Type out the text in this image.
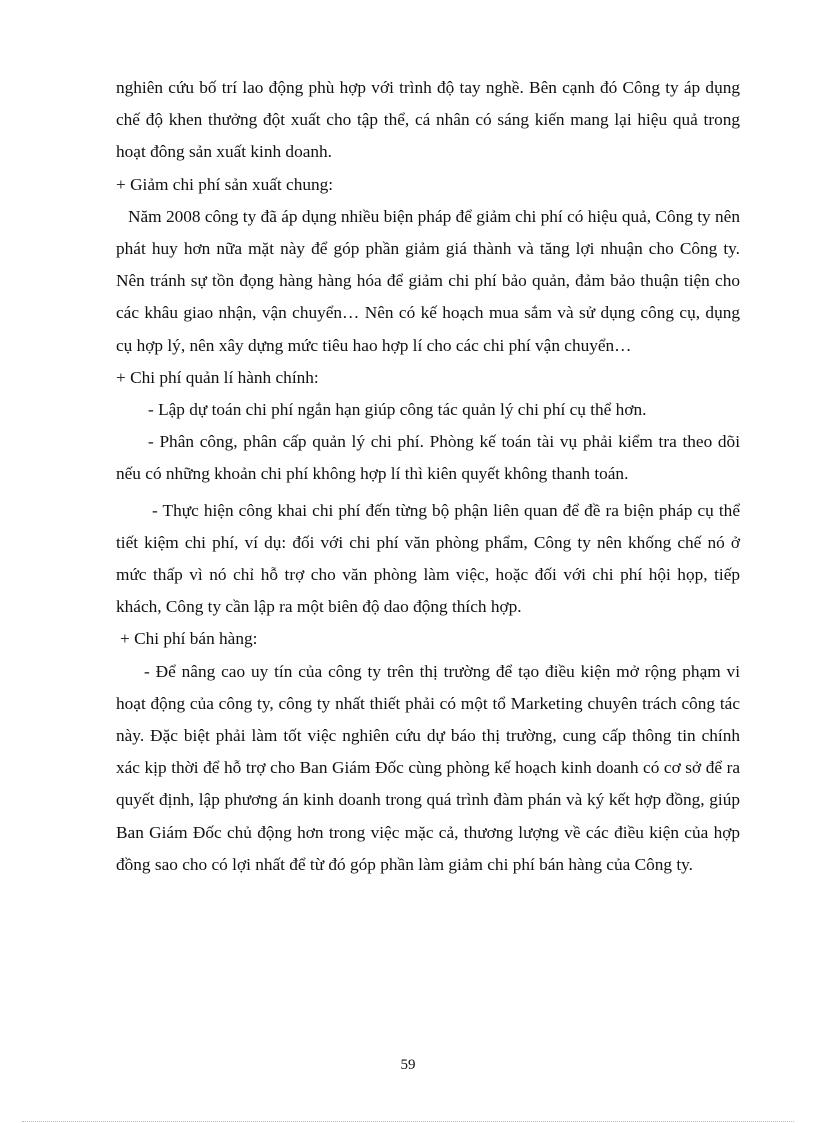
nghiên cứu bố trí lao động phù hợp với trình độ tay nghề. Bên cạnh đó Công ty áp dụng chế độ khen thưởng đột xuất cho tập thể, cá nhân có sáng kiến mang lại hiệu quả trong hoạt đông sản xuất kinh doanh.

+ Giảm chi phí sản xuất chung:

Năm 2008 công ty đã áp dụng nhiều biện pháp để giảm chi phí có hiệu quả, Công ty nên phát huy hơn nữa mặt này để góp phần giảm giá thành và tăng lợi nhuận cho Công ty. Nên tránh sự tồn đọng hàng hàng hóa để giảm chi phí bảo quản, đảm bảo thuận tiện cho các khâu giao nhận, vận chuyển… Nên có kế hoạch mua sắm và sử dụng công cụ, dụng cụ hợp lý, nên xây dựng mức tiêu hao hợp lí cho các chi phí vận chuyển…

+ Chi phí quản lí hành chính:

- Lập dự toán chi phí ngắn hạn giúp công tác quản lý chi phí cụ thể hơn.

- Phân công, phân cấp quản lý chi phí. Phòng kế toán tài vụ phải kiểm tra theo dõi nếu có những khoản chi phí không hợp lí thì kiên quyết không thanh toán.

- Thực hiện công khai chi phí đến từng bộ phận liên quan để đề ra biện pháp cụ thể tiết kiệm chi phí, ví dụ: đối với chi phí văn phòng phẩm, Công ty nên khống chế nó ở mức thấp vì nó chỉ hỗ trợ cho văn phòng làm việc, hoặc đối với chi phí hội họp, tiếp khách, Công ty cần lập ra một biên độ dao động thích hợp.

+ Chi phí bán hàng:

- Để nâng cao uy tín của công ty trên thị trường để tạo điều kiện mở rộng phạm vi hoạt động của công ty, công ty nhất thiết phải có một tổ Marketing chuyên trách công tác này. Đặc biệt phải làm tốt việc nghiên cứu dự báo thị trường, cung cấp thông tin chính xác kịp thời để hỗ trợ cho Ban Giám Đốc cùng phòng kế hoạch kinh doanh có cơ sở để ra quyết định, lập phương án kinh doanh trong quá trình đàm phán và ký kết hợp đồng, giúp Ban Giám Đốc chủ động hơn trong việc mặc cả, thương lượng về các điều kiện của hợp đồng sao cho có lợi nhất để từ đó góp phần làm giảm chi phí bán hàng của Công ty.

59
